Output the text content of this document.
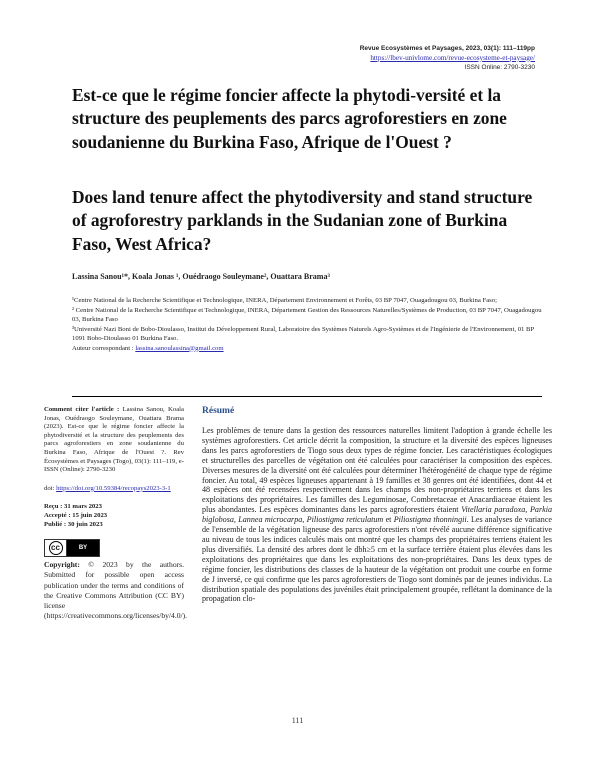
Revue Ecosystèmes et Paysages, 2023, 03(1): 111–119pp
https://lbev-univlome.com/revue-ecosysteme-et-paysage/
ISSN Online: 2790-3230
Est-ce que le régime foncier affecte la phytodi-versité et la structure des peuplements des parcs agroforestiers en zone soudanienne du Burkina Faso, Afrique de l'Ouest ?
Does land tenure affect the phytodiversity and stand structure of agroforestry parklands in the Sudanian zone of Burkina Faso, West Africa?
Lassina Sanou¹*, Koala Jonas ¹, Ouédraogo Souleymane², Ouattara Brama³
¹Centre National de la Recherche Scientifique et Technologique, INERA, Département Environnement et Forêts, 03 BP 7047, Ouagadougou 03, Burkina Faso;
² Centre National de la Recherche Scientifique et Technologique, INERA, Département Gestion des Ressources Naturelles/Systèmes de Production, 03 BP 7047, Ouagadougou 03, Burkina Faso
³Université Nazi Boni de Bobo-Dioulasso, Institut du Développement Rural, Laboratoire des Systèmes Naturels Agro-Systèmes et de l'Ingénierie de l'Environnement, 01 BP 1091 Bobo-Dioulasso 01 Burkina Faso.
Auteur correspondant : lassina.sanoulassina@gmail.com
Comment citer l'article : Lassina Sanou, Koala Jonas, Ouédraogo Souleymane, Ouattara Brama (2023). Est-ce que le régime foncier affecte la phytodiversité et la structure des peuplements des parcs agroforestiers en zone soudanienne du Burkina Faso, Afrique de l'Ouest ?. Rev Écosystèmes et Paysages (Togo), 03(1): 111–119, e-ISSN (Online): 2790-3230
doi: https://doi.org/10.59384/recopays2023-3-1
Reçu : 31 mars 2023
Accepté : 15 juin 2023
Publié : 30 juin 2023
cc	BY
Copyright: © 2023 by the authors. Submitted for possible open access publication under the terms and conditions of the Creative Commons Attribution (CC BY) license (https://creativecommons.org/licenses/by/4.0/).
Résumé

Les problèmes de tenure dans la gestion des ressources naturelles limitent l'adoption à grande échelle les systèmes agroforestiers. Cet article décrit la composition, la structure et la diversité des espèces ligneuses dans les parcs agroforestiers de Tiogo sous deux types de régime foncier. Les caractéristiques écologiques et structurelles des parcelles de végétation ont été calculées pour caractériser la composition des espèces. Diverses mesures de la diversité ont été calculées pour déterminer l'hétérogénéité de chaque type de régime foncier. Au total, 49 espèces ligneuses appartenant à 19 familles et 38 genres ont été identifiées, dont 44 et 48 espèces ont été recensées respectivement dans les champs des non-propriétaires terriens et dans les exploitations des propriétaires. Les familles des Leguminosae, Combretaceae et Anacardiaceae étaient les plus abondantes. Les espèces dominantes dans les parcs agroforestiers étaient Vitellaria paradoxa, Parkia biglobosa, Lannea microcarpa, Piliostigma reticulatum et Piliostigma thonningii. Les analyses de variance de l'ensemble de la végétation ligneuse des parcs agroforestiers n'ont révélé aucune différence significative au niveau de tous les indices calculés mais ont montré que les champs des propriétaires terriens étaient les plus diversifiés. La densité des arbres dont le dbh≥5 cm et la surface terrière étaient plus élevées dans les exploitations des propriétaires que dans les exploitations des non-propriétaires. Dans les deux types de régime foncier, les distributions des classes de la hauteur de la végétation ont produit une courbe en forme de J inversé, ce qui confirme que les parcs agroforestiers de Tiogo sont dominés par de jeunes individus. La distribution spatiale des populations des juvéniles était principalement groupée, reflétant la dominance de la propagation clo-

111
